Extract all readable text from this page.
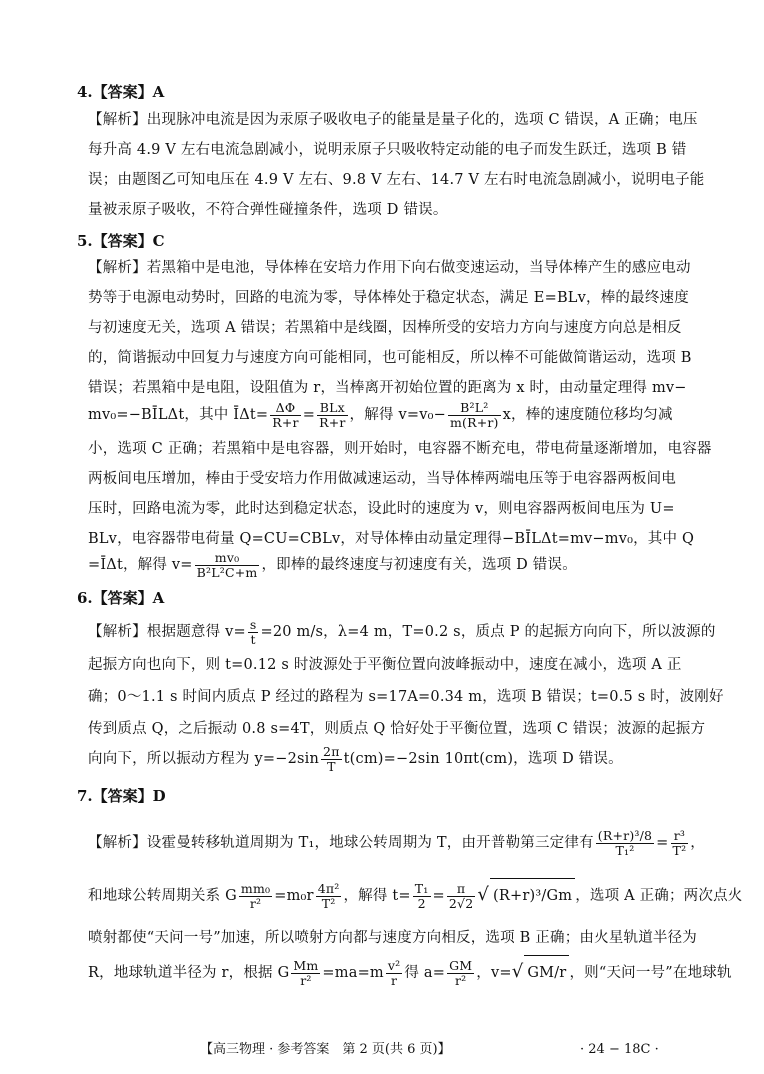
4.【答案】A
【解析】出现脉冲电流是因为汞原子吸收电子的能量是量子化的，选项 C 错误，A 正确；电压
每升高 4.9 V 左右电流急剧减小，说明汞原子只吸收特定动能的电子而发生跃迁，选项 B 错
误；由题图乙可知电压在 4.9 V 左右、9.8 V 左右、14.7 V 左右时电流急剧减小，说明电子能
量被汞原子吸收，不符合弹性碰撞条件，选项 D 错误。
5.【答案】C
【解析】若黑箱中是电池，导体棒在安培力作用下向右做变速运动，当导体棒产生的感应电动
势等于电源电动势时，回路的电流为零，导体棒处于稳定状态，满足 E=BLv，棒的最终速度
与初速度无关，选项 A 错误；若黑箱中是线圈，因棒所受的安培力方向与速度方向总是相反
的，简谐振动中回复力与速度方向可能相同，也可能相反，所以棒不可能做简谐运动，选项 B
错误；若黑箱中是电阻，设阻值为 r，当棒离开初始位置的距离为 x 时，由动量定理得 mv−
mv₀=−BĪLΔt，其中 ĪΔt= $\frac{\Delta\Phi}{R+r} = \frac{\text{BLx}}{R+r}$ ，解得 $v=v_0- \frac{\text{B²L²}}{m(R+r)}$ x，棒的速度随位移均匀减
小，选项 C 正确；若黑箱中是电容器，则开始时，电容器不断充电，带电荷量逐渐增加，电容器
两板间电压增加，棒由于受安培力作用做减速运动，当导体棒两端电压等于电容器两板间电
压时，回路电流为零，此时达到稳定状态，设此时的速度为 v，则电容器两板间电压为 U=
BLv，电容器带电荷量 Q=CU=CBLv，对导体棒由动量定理得−BĪLΔt=mv−mv₀，其中 Q
=ĪΔt，解得 $v= \frac{\text{mv₀}}{\text{B²L²C+m}}$ ，即棒的最终速度与初速度有关，选项 D 错误。
6.【答案】A
【解析】根据题意得 $v= \frac{s}{t} =20$ m/s，λ=4 m，T=0.2 s，质点 P 的起振方向向下，所以波源的
起振方向也向下，则 t=0.12 s 时波源处于平衡位置向波峰振动中，速度在减小，选项 A 正
确；0～1.1 s 时间内质点 P 经过的路程为 s=17A=0.34 m，选项 B 错误；t=0.5 s 时，波刚好
传到质点 Q，之后振动 0.8 s=4T，则质点 Q 恰好处于平衡位置，选项 C 错误；波源的起振方
向向下，所以振动方程为 $y=-2\sin \frac{2\pi}{T} t(cm)=-2\sin$ 10πt(cm)，选项 D 错误。
7.【答案】D
【解析】设霍曼转移轨道周期为 T₁，地球公转周期为 T，由开普勒第三定律有 $\frac{\text{(R+r)³/8}}{\text{T₁²}} = \frac{\text{r³}}{\text{T²}}$ ，
和地球公转周期关系 G $\frac{\text{mm₀}}{\text{r²}} =m_0r \frac{\text{4π²}}{\text{T²}}$ ，解得 $t= \frac{\text{T₁}}{2} = \frac{\pi}{2√2}$ √ (R+r)³/Gm ，选项 A 正确；两次点火
喷射都使“天问一号”加速，所以喷射方向都与速度方向相反，选项 B 正确；由火星轨道半径为
R，地球轨道半径为 r，根据 G $\frac{Mm}{\text{r²}} =ma=m \frac{\text{v²}}{r}$ 得 $a= \frac{GM}{\text{r²}}$ ，v=√ GM/r ，则“天问一号”在地球轨
【高三物理 · 参考答案　第 2 页(共 6 页)】	· 24 − 18C ·
